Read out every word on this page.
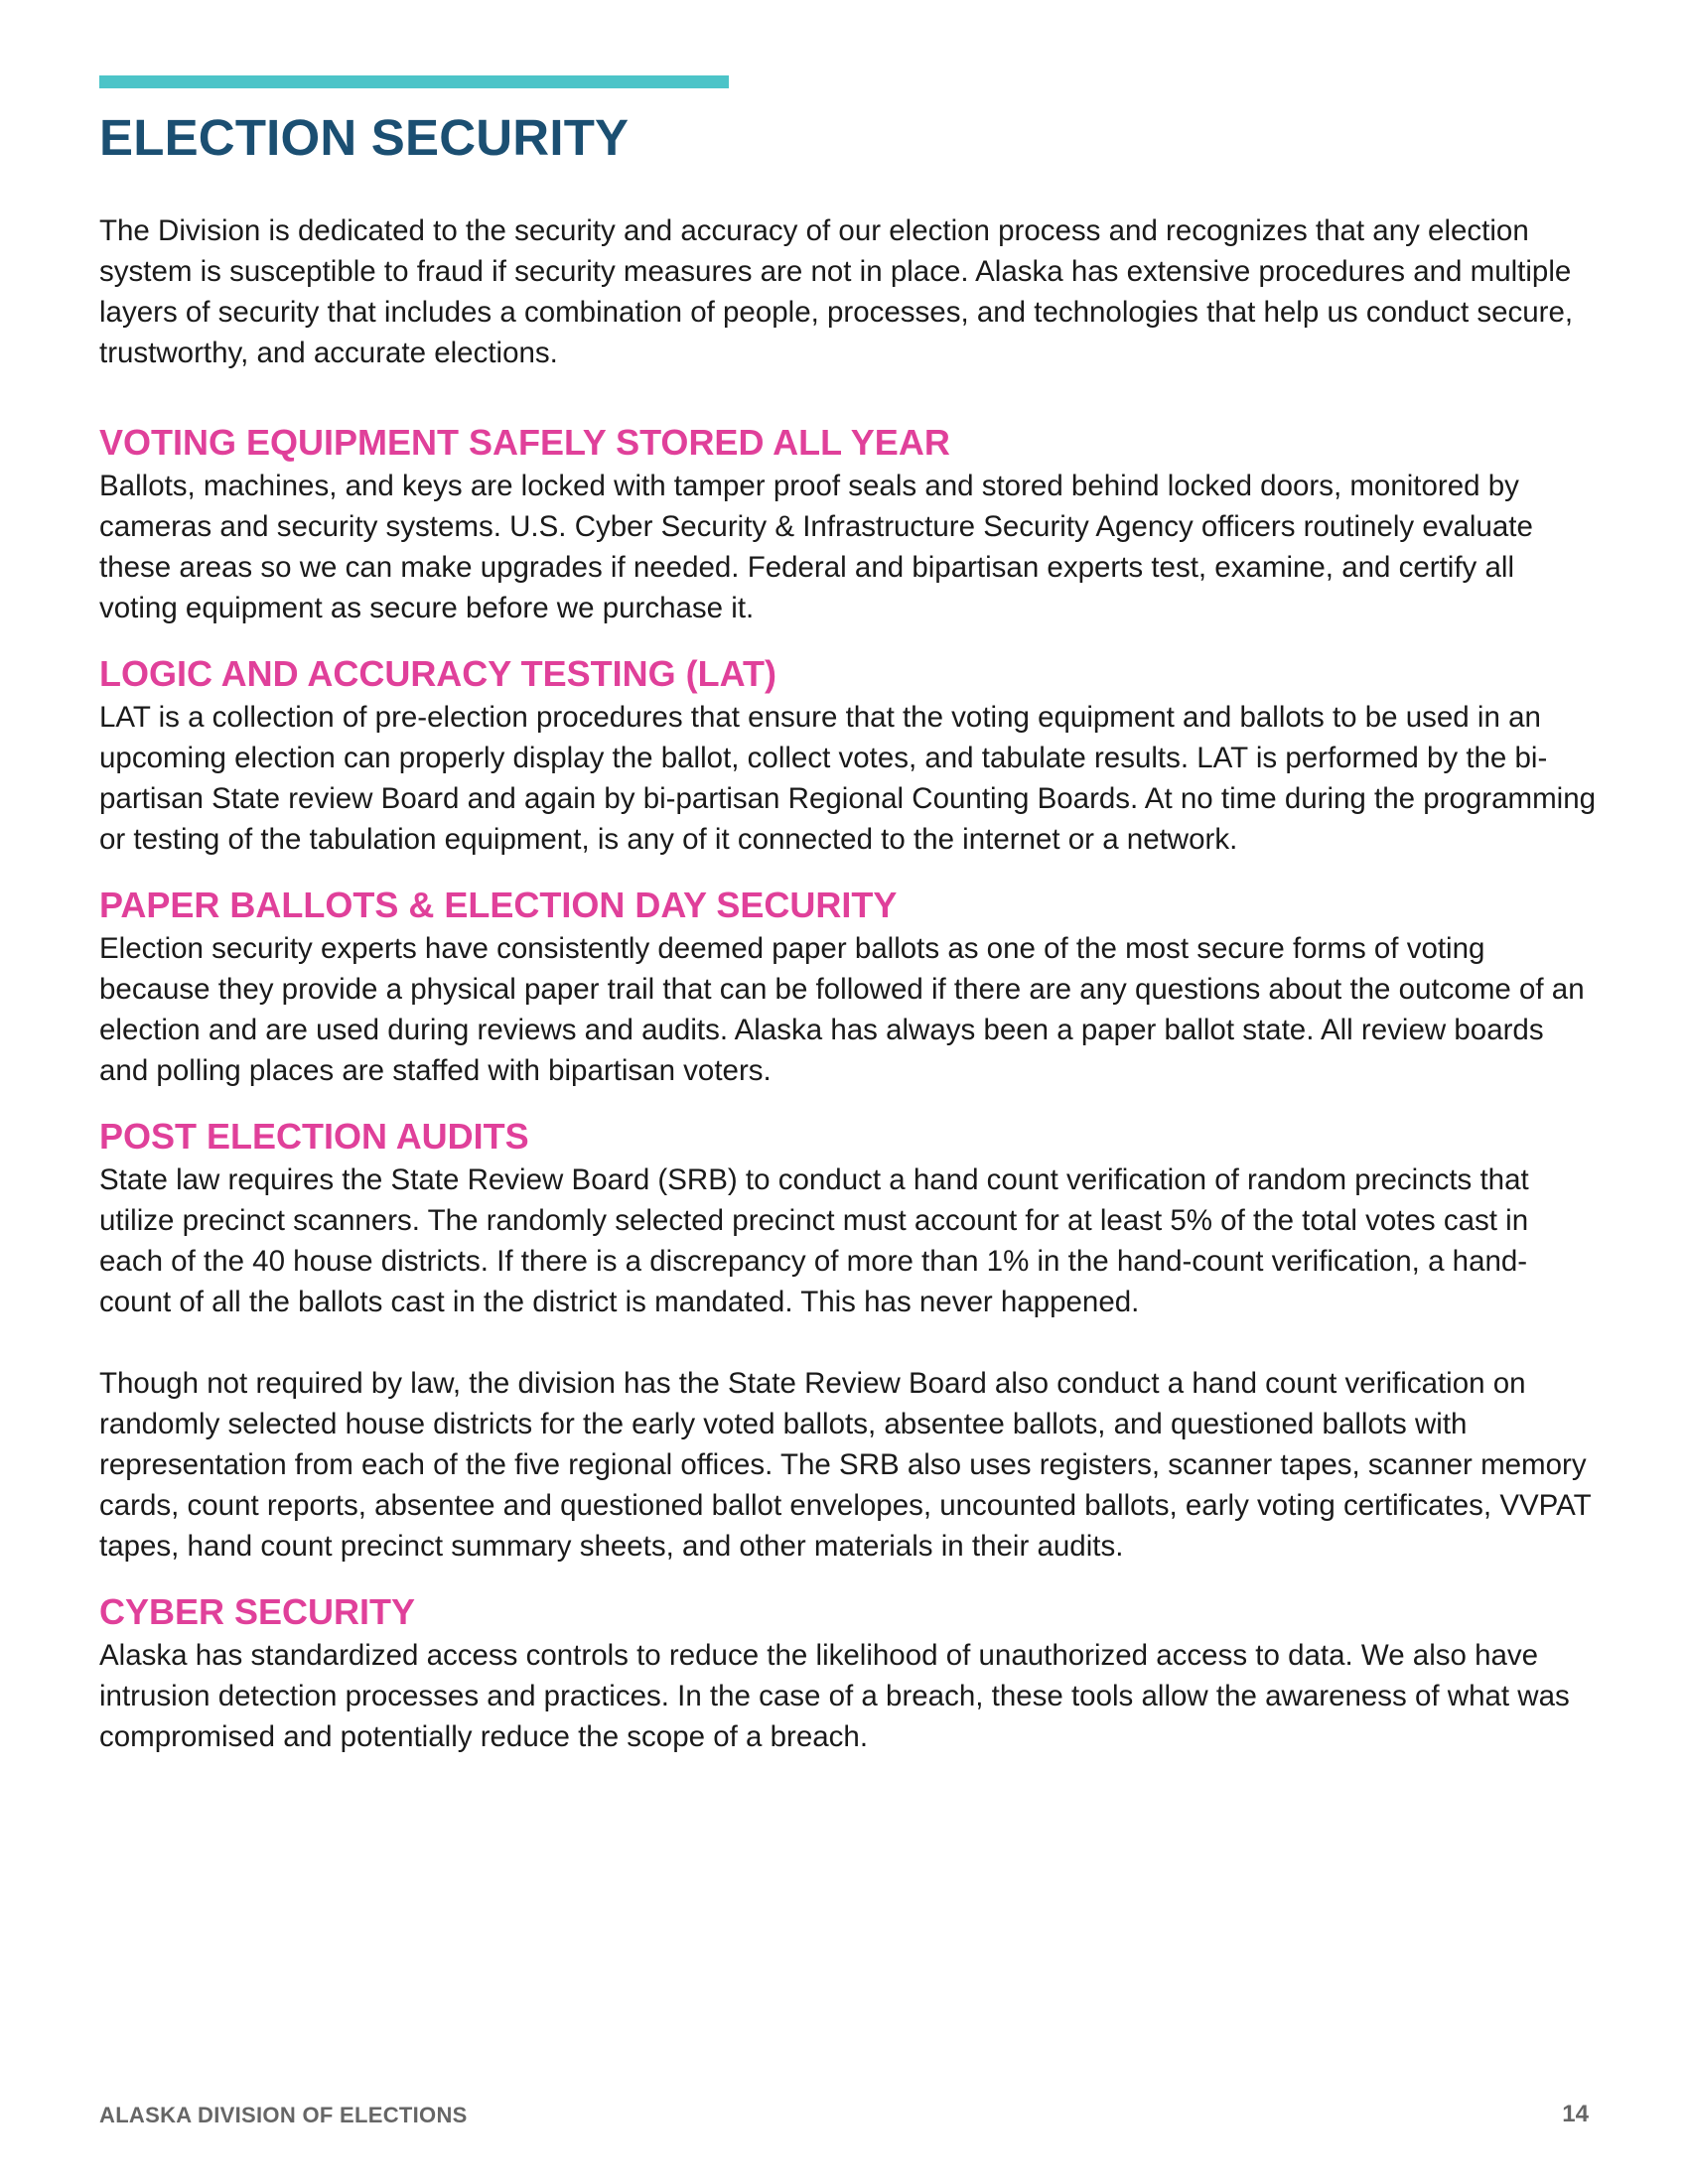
ELECTION SECURITY

The Division is dedicated to the security and accuracy of our election process and recognizes that any election system is susceptible to fraud if security measures are not in place. Alaska has extensive procedures and multiple layers of security that includes a combination of people, processes, and technologies that help us conduct secure, trustworthy, and accurate elections.

VOTING EQUIPMENT SAFELY STORED ALL YEAR

Ballots, machines, and keys are locked with tamper proof seals and stored behind locked doors, monitored by cameras and security systems. U.S. Cyber Security & Infrastructure Security Agency officers routinely evaluate these areas so we can make upgrades if needed. Federal and bipartisan experts test, examine, and certify all voting equipment as secure before we purchase it.

LOGIC AND ACCURACY TESTING (LAT)

LAT is a collection of pre-election procedures that ensure that the voting equipment and ballots to be used in an upcoming election can properly display the ballot, collect votes, and tabulate results. LAT is performed by the bi-partisan State review Board and again by bi-partisan Regional Counting Boards. At no time during the programming or testing of the tabulation equipment, is any of it connected to the internet or a network.

PAPER BALLOTS & ELECTION DAY SECURITY

Election security experts have consistently deemed paper ballots as one of the most secure forms of voting because they provide a physical paper trail that can be followed if there are any questions about the outcome of an election and are used during reviews and audits. Alaska has always been a paper ballot state. All review boards and polling places are staffed with bipartisan voters.

POST ELECTION AUDITS

State law requires the State Review Board (SRB) to conduct a hand count verification of random precincts that utilize precinct scanners. The randomly selected precinct must account for at least 5% of the total votes cast in each of the 40 house districts. If there is a discrepancy of more than 1% in the hand-count verification, a hand-count of all the ballots cast in the district is mandated. This has never happened.

Though not required by law, the division has the State Review Board also conduct a hand count verification on randomly selected house districts for the early voted ballots, absentee ballots, and questioned ballots with representation from each of the five regional offices. The SRB also uses registers, scanner tapes, scanner memory cards, count reports, absentee and questioned ballot envelopes, uncounted ballots, early voting certificates, VVPAT tapes, hand count precinct summary sheets, and other materials in their audits.

CYBER SECURITY

Alaska has standardized access controls to reduce the likelihood of unauthorized access to data. We also have intrusion detection processes and practices. In the case of a breach, these tools allow the awareness of what was compromised and potentially reduce the scope of a breach.

ALASKA DIVISION OF ELECTIONS	14
